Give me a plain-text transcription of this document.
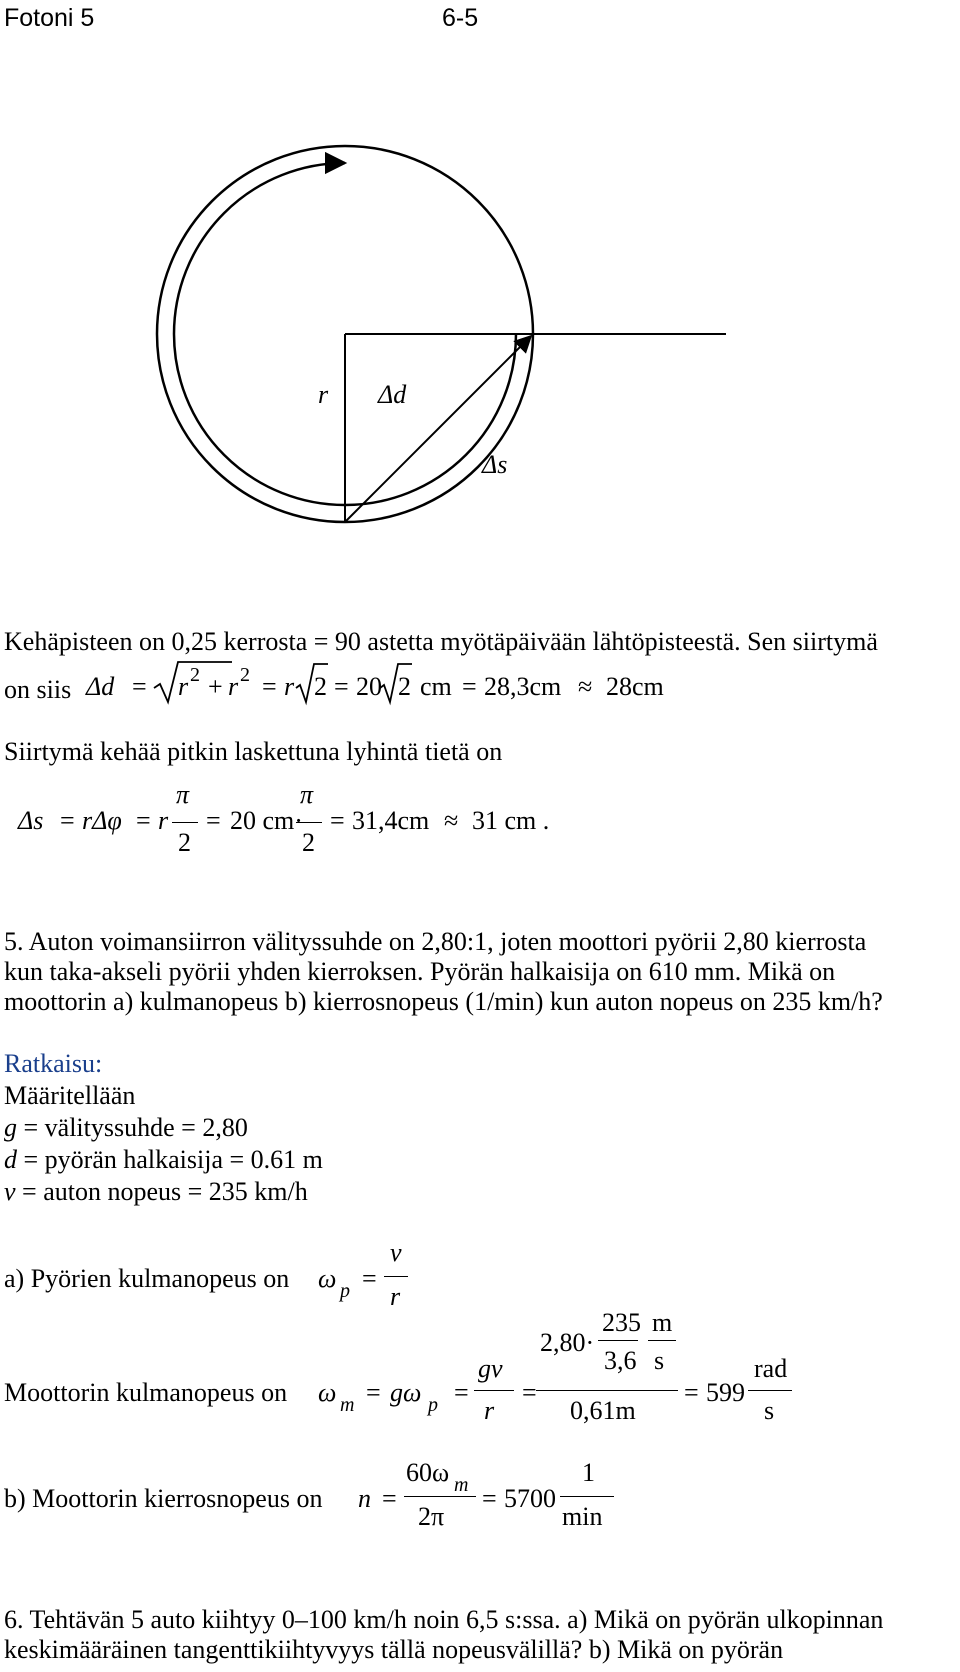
Fotoni 5	6-5
r Δd
Δs
Kehäpisteen on 0,25 kerrosta = 90 astetta myötäpäivään lähtöpisteestä. Sen siirtymä
on siis Δd = r 2 + r 2 = r 2 = 20 2 cm = 28,3cm ≈ 28cm
Siirtymä kehää pitkin laskettuna lyhintä tietä on
Δs = rΔφ = r
π
2
= 20 cm·
π
2
= 31,4cm ≈ 31 cm .
5. Auton voimansiirron välityssuhde on 2,80:1, joten moottori pyörii 2,80 kierrosta
kun taka-akseli pyörii yhden kierroksen. Pyörän halkaisija on 610 mm. Mikä on
moottorin a) kulmanopeus b) kierrosnopeus (1/min) kun auton nopeus on 235 km/h?
Ratkaisu:
Määritellään
g = välityssuhde = 2,80
d = pyörän halkaisija = 0.61 m
v = auton nopeus = 235 km/h
a) Pyörien kulmanopeus on ω p =
v
r
Moottorin kulmanopeus on ω m = gω p =
gv
r
=
2,80·
235 m
3,6 s
0,61m
= 599
rad
s
b) Moottorin kierrosnopeus on n =
60ω m
2π
= 5700
1
min
6. Tehtävän 5 auto kiihtyy 0–100 km/h noin 6,5 s:ssa. a) Mikä on pyörän ulkopinnan
keskimääräinen tangenttikiihtyvyys tällä nopeusvälillä? b) Mikä on pyörän
